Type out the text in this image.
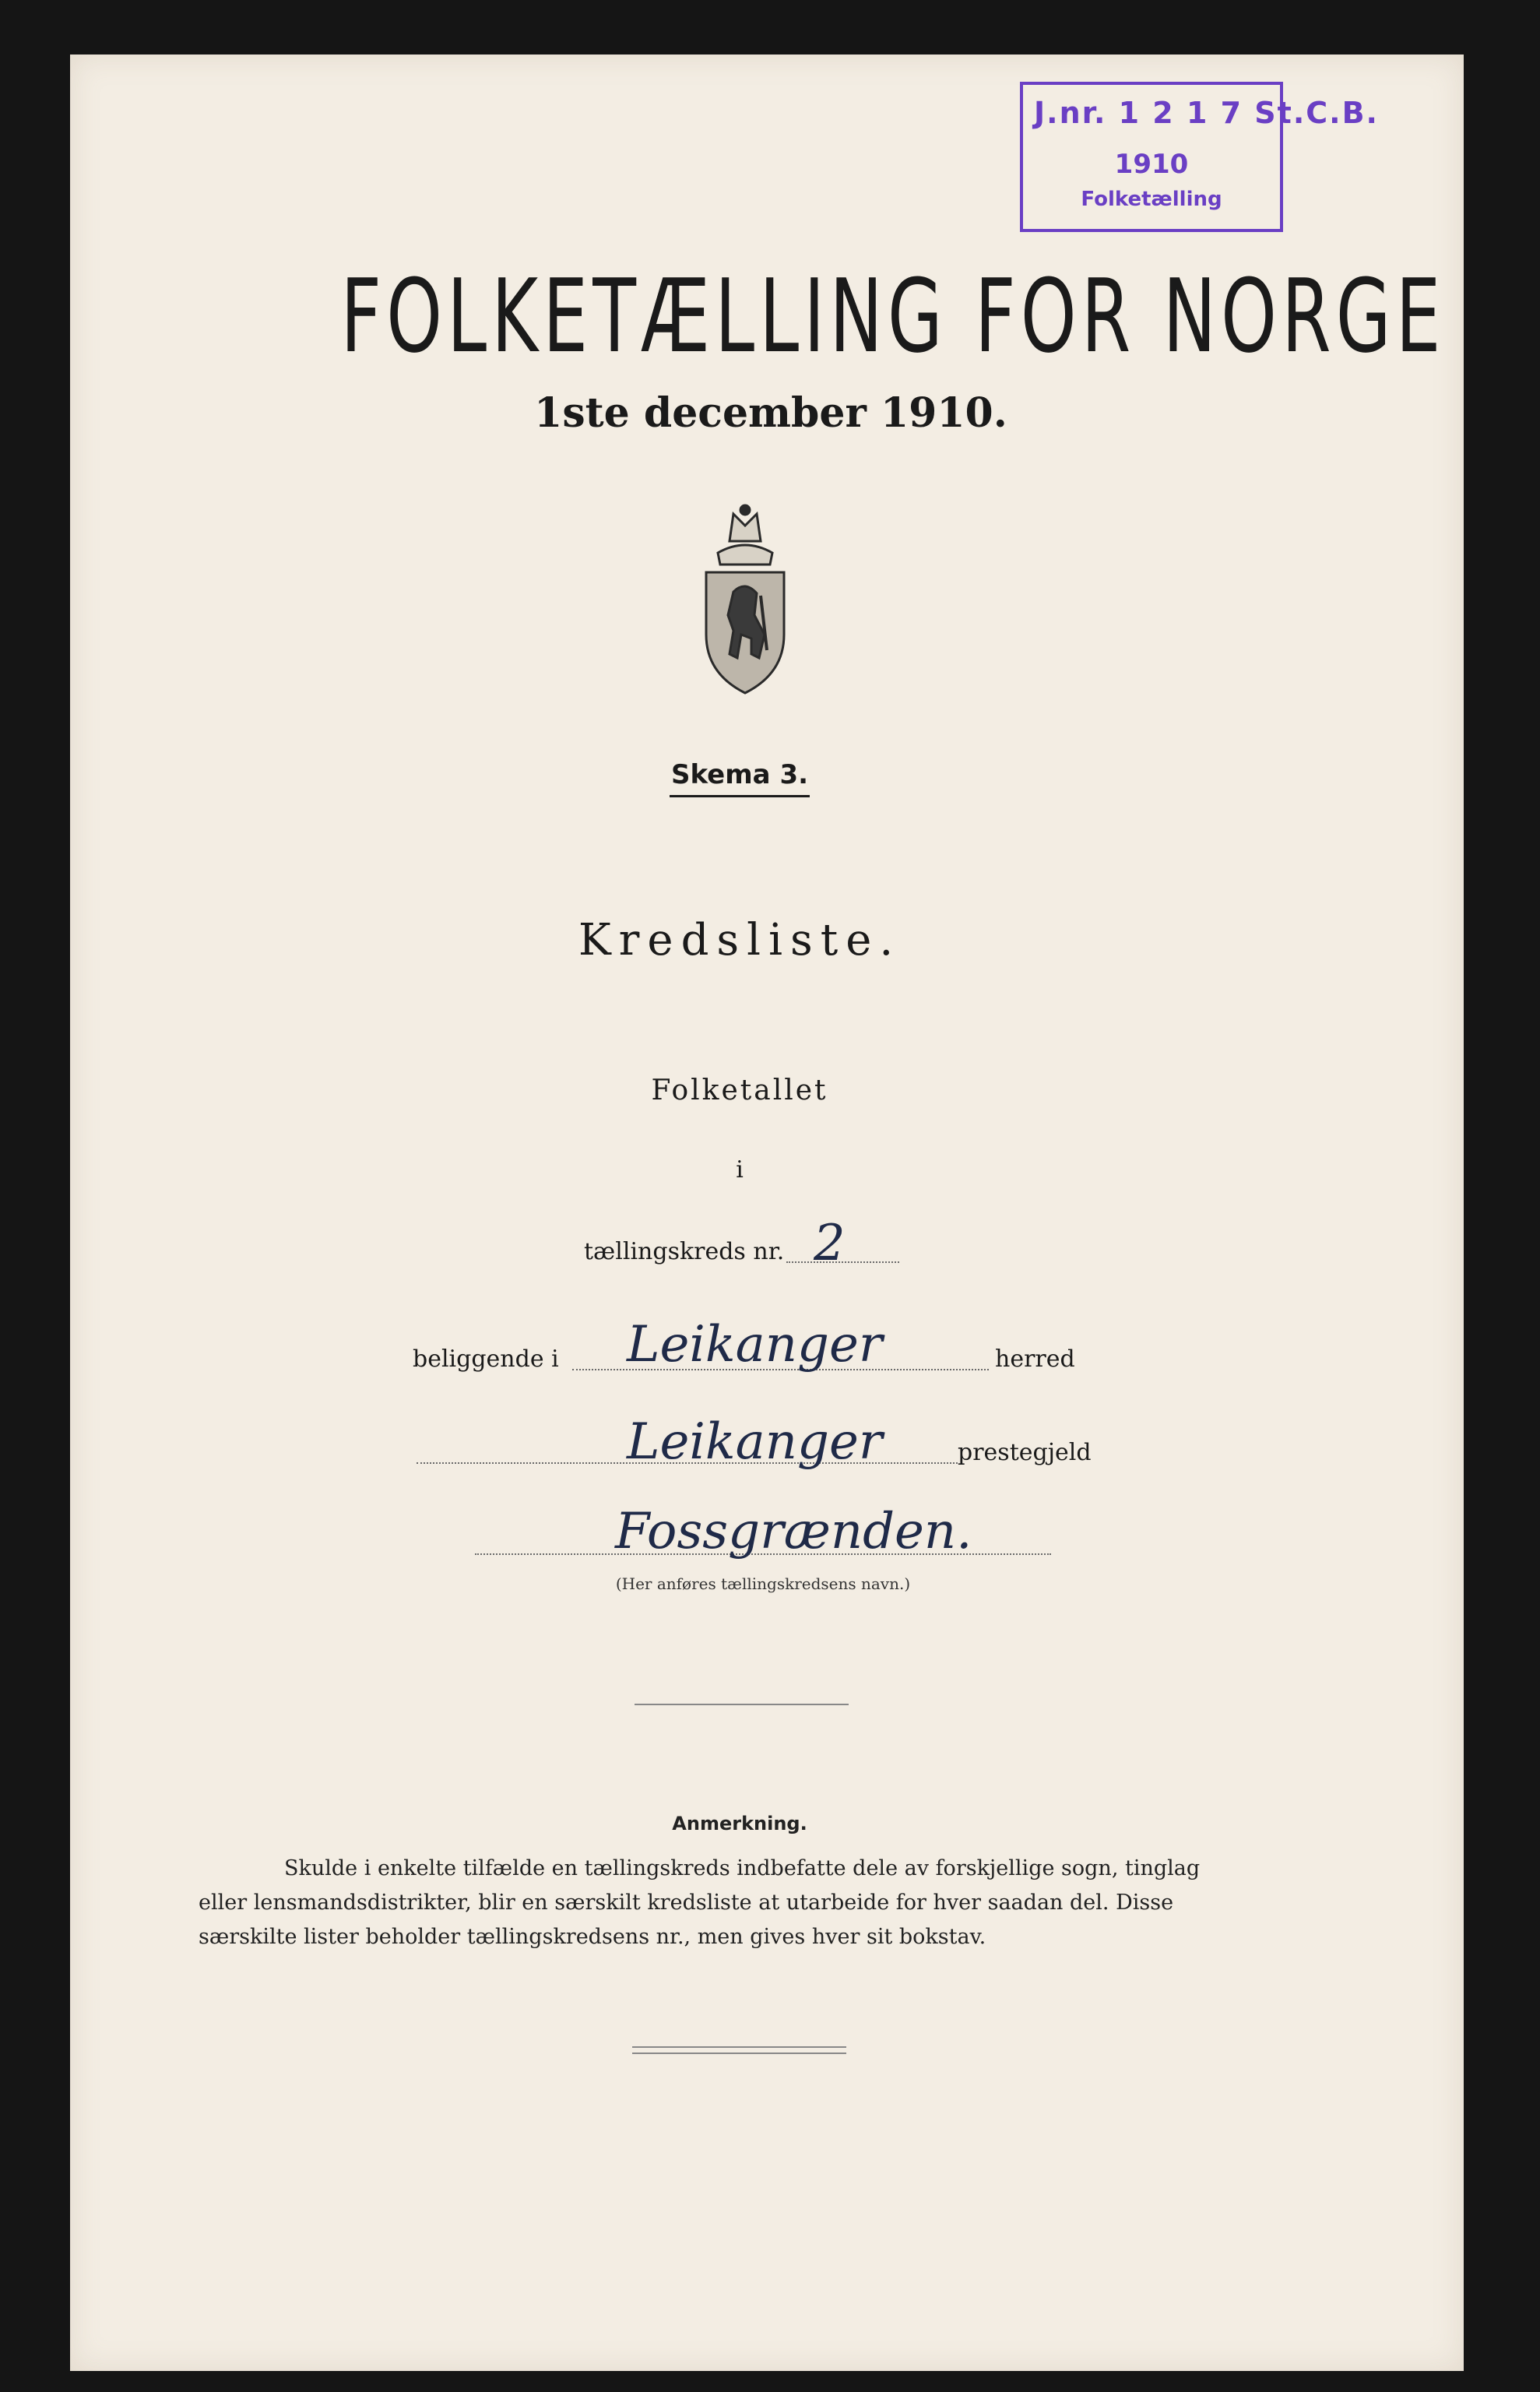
J.nr. 1 2 1 7 St.C.B.
1910
Folketælling
FOLKETÆLLING FOR NORGE
1ste december 1910.
Skema 3.
Kredsliste.
Folketallet
i
tællingskreds nr. 2
beliggende i Leikanger	herred
Leikanger	prestegjeld
Fossgrænden.
(Her anføres tællingskredsens navn.)
Anmerkning.
Skulde i enkelte tilfælde en tællingskreds indbefatte dele av forskjellige sogn, tinglag
eller lensmandsdistrikter, blir en særskilt kredsliste at utarbeide for hver saadan del. Disse
særskilte lister beholder tællingskredsens nr., men gives hver sit bokstav.
